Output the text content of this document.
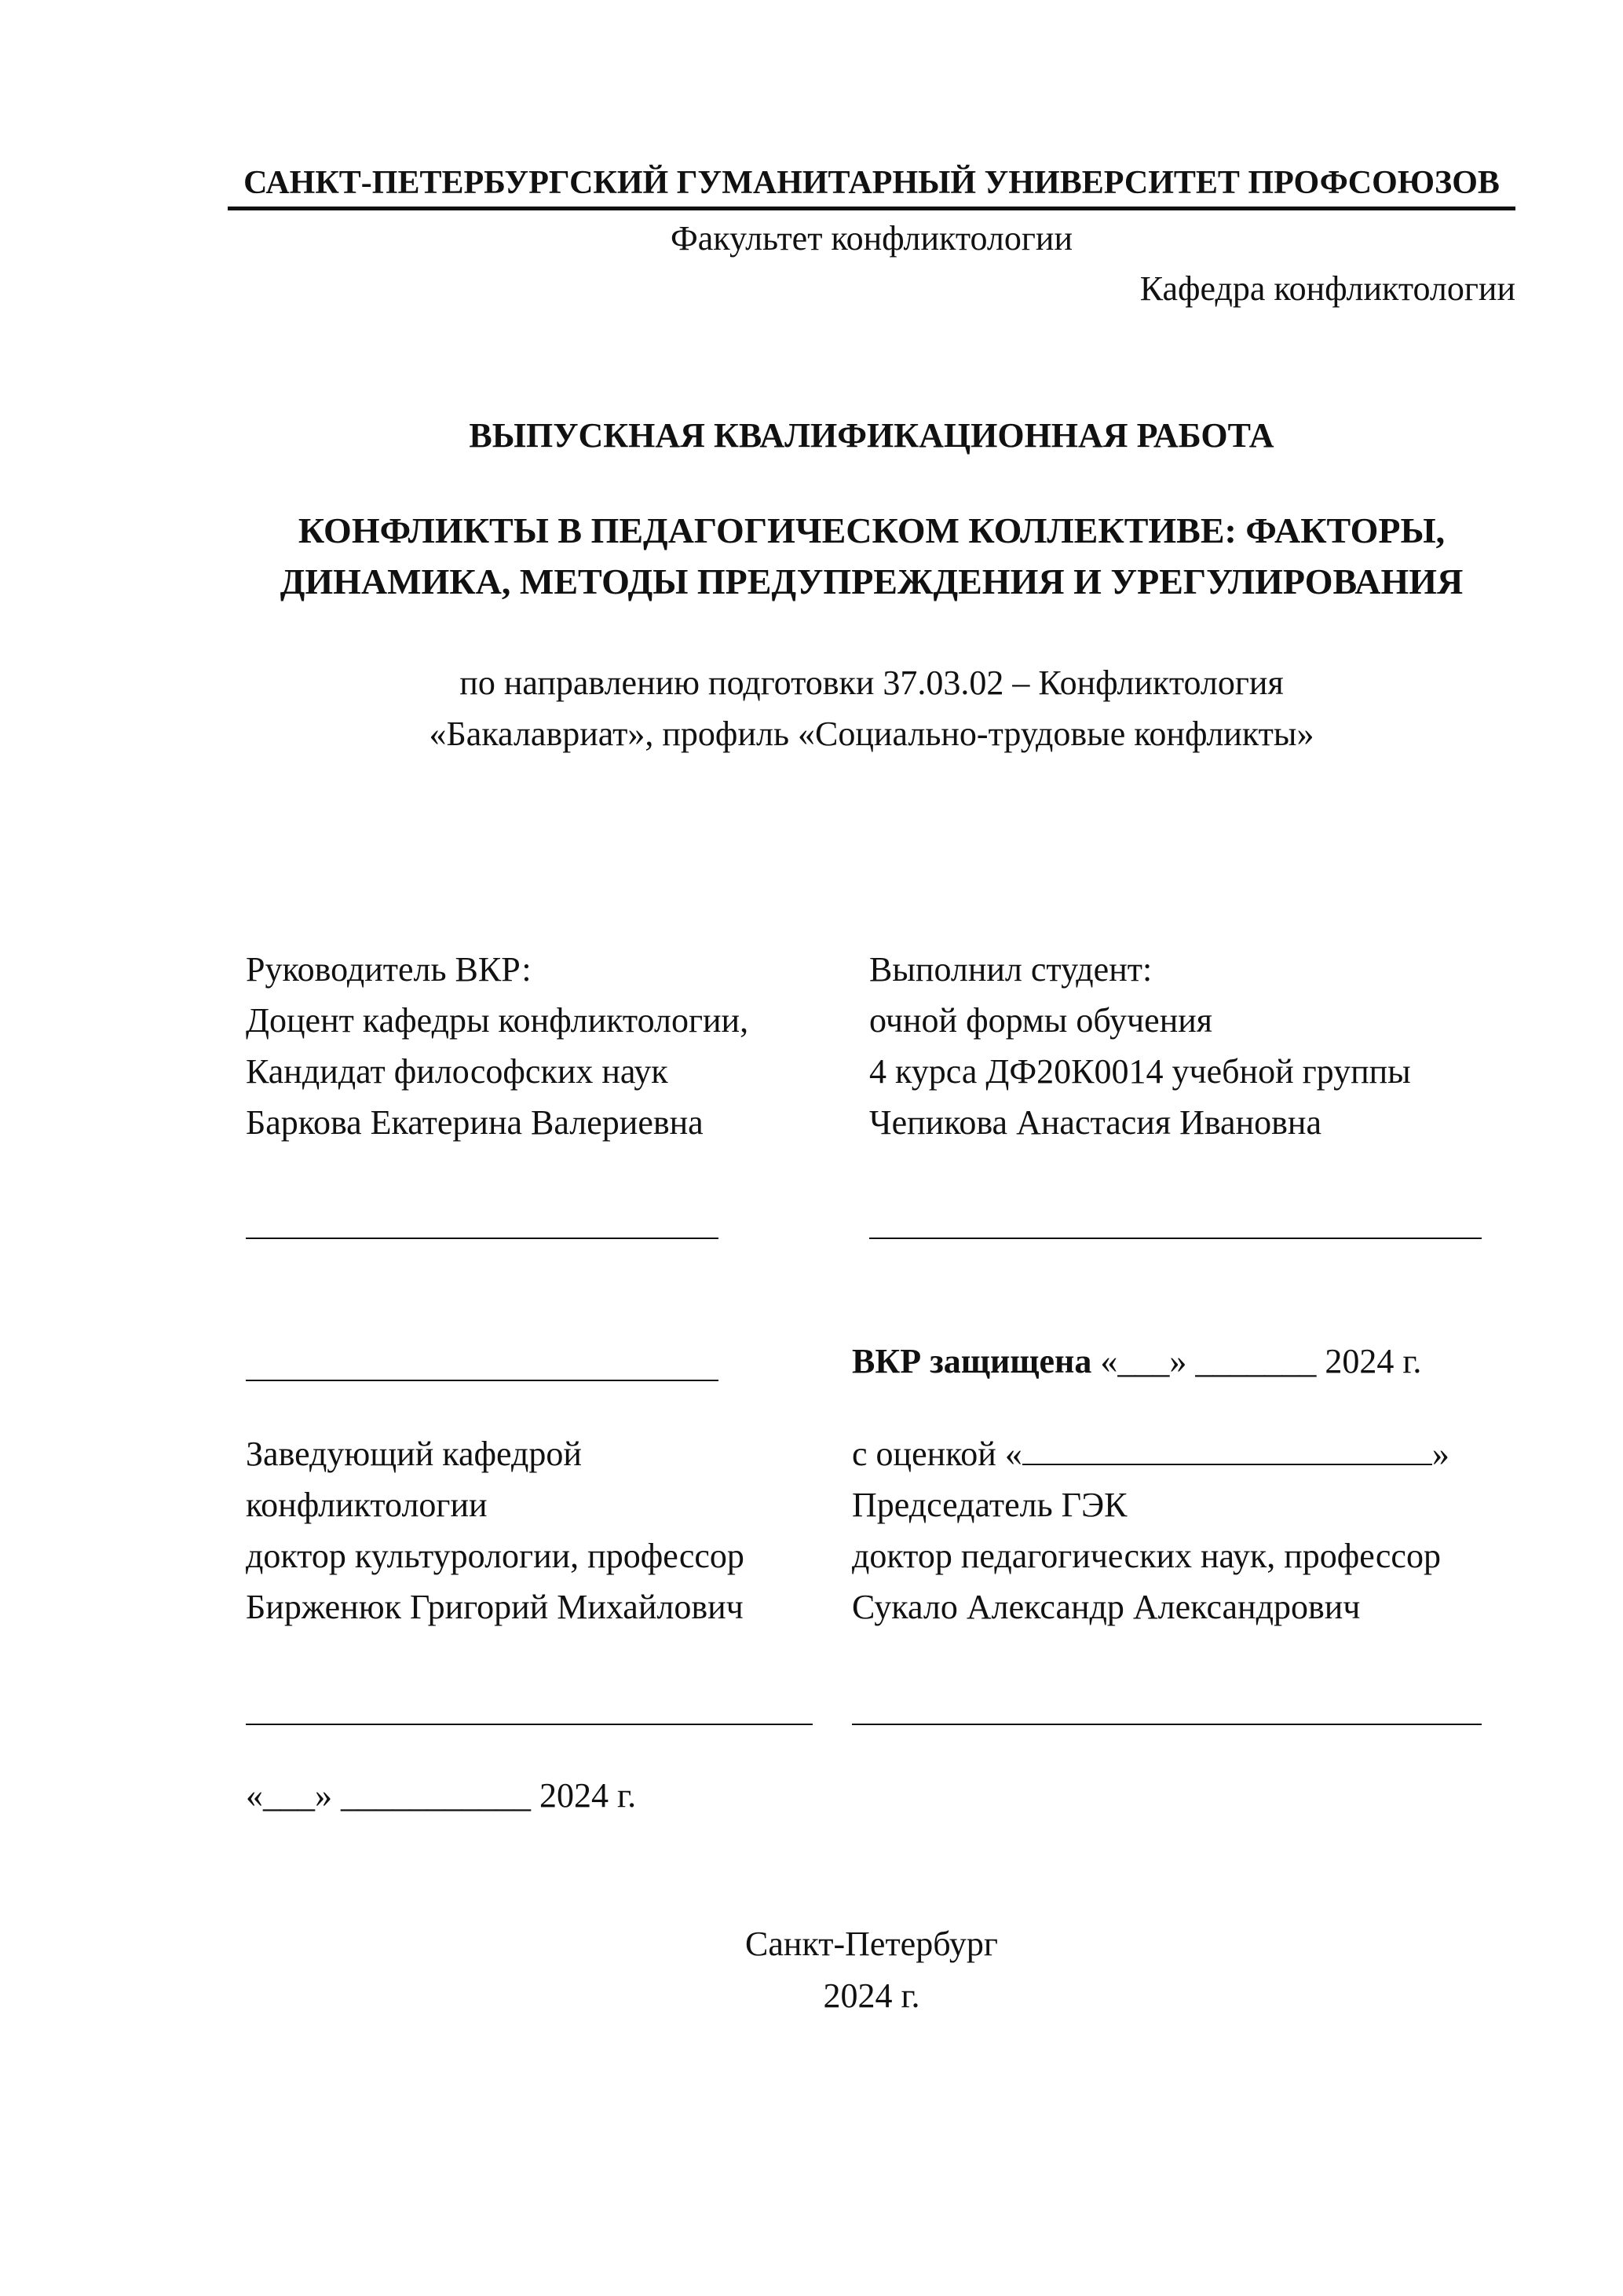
САНКТ-ПЕТЕРБУРГСКИЙ ГУМАНИТАРНЫЙ УНИВЕРСИТЕТ ПРОФСОЮЗОВ
Факультет конфликтологии
Кафедра конфликтологии
ВЫПУСКНАЯ КВАЛИФИКАЦИОННАЯ РАБОТА
КОНФЛИКТЫ В ПЕДАГОГИЧЕСКОМ КОЛЛЕКТИВЕ: ФАКТОРЫ,
ДИНАМИКА, МЕТОДЫ ПРЕДУПРЕЖДЕНИЯ И УРЕГУЛИРОВАНИЯ
по направлению подготовки 37.03.02 – Конфликтология
«Бакалавриат», профиль «Социально-трудовые конфликты»
Руководитель ВКР:
Доцент кафедры конфликтологии,
Кандидат философских наук
Баркова Екатерина Валериевна
Выполнил студент:
очной формы обучения
4 курса ДФ20К0014 учебной группы
Чепикова Анастасия Ивановна
ВКР защищена «___» _______ 2024 г.
Заведующий кафедрой
конфликтологии
доктор культурологии, профессор
Бирженюк Григорий Михайлович
с оценкой «	»
Председатель ГЭК
доктор педагогических наук, профессор
Сукало Александр Александрович
«___» ___________ 2024 г.
Санкт-Петербург
2024 г.
